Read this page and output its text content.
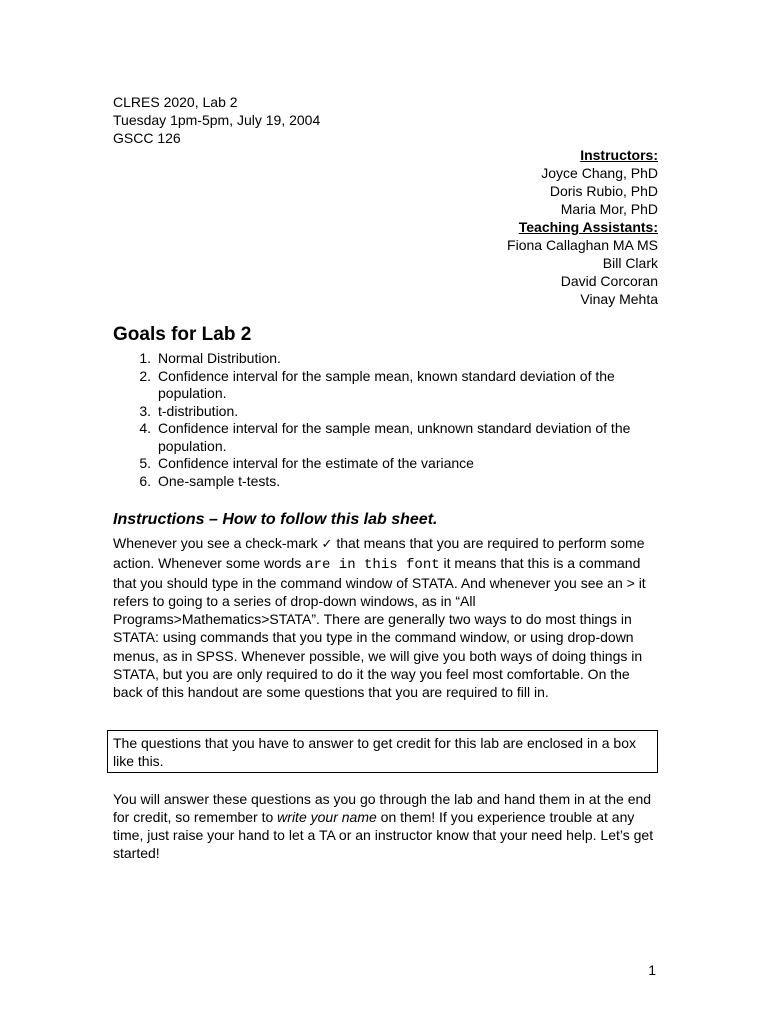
CLRES 2020, Lab 2
Tuesday 1pm-5pm, July 19, 2004
GSCC 126
Instructors:
Joyce Chang, PhD
Doris Rubio, PhD
Maria Mor, PhD
Teaching Assistants:
Fiona Callaghan MA MS
Bill Clark
David Corcoran
Vinay Mehta
Goals for Lab 2
1. Normal Distribution.
2. Confidence interval for the sample mean, known standard deviation of the population.
3. t-distribution.
4. Confidence interval for the sample mean, unknown standard deviation of the population.
5. Confidence interval for the estimate of the variance
6. One-sample t-tests.
Instructions – How to follow this lab sheet.

Whenever you see a check-mark ✓ that means that you are required to perform some action. Whenever some words are in this font it means that this is a command that you should type in the command window of STATA. And whenever you see an > it refers to going to a series of drop-down windows, as in “All Programs>Mathematics>STATA”. There are generally two ways to do most things in STATA: using commands that you type in the command window, or using drop-down menus, as in SPSS. Whenever possible, we will give you both ways of doing things in STATA, but you are only required to do it the way you feel most comfortable. On the back of this handout are some questions that you are required to fill in.

The questions that you have to answer to get credit for this lab are enclosed in a box like this.

You will answer these questions as you go through the lab and hand them in at the end for credit, so remember to write your name on them! If you experience trouble at any time, just raise your hand to let a TA or an instructor know that your need help. Let’s get started!

1
